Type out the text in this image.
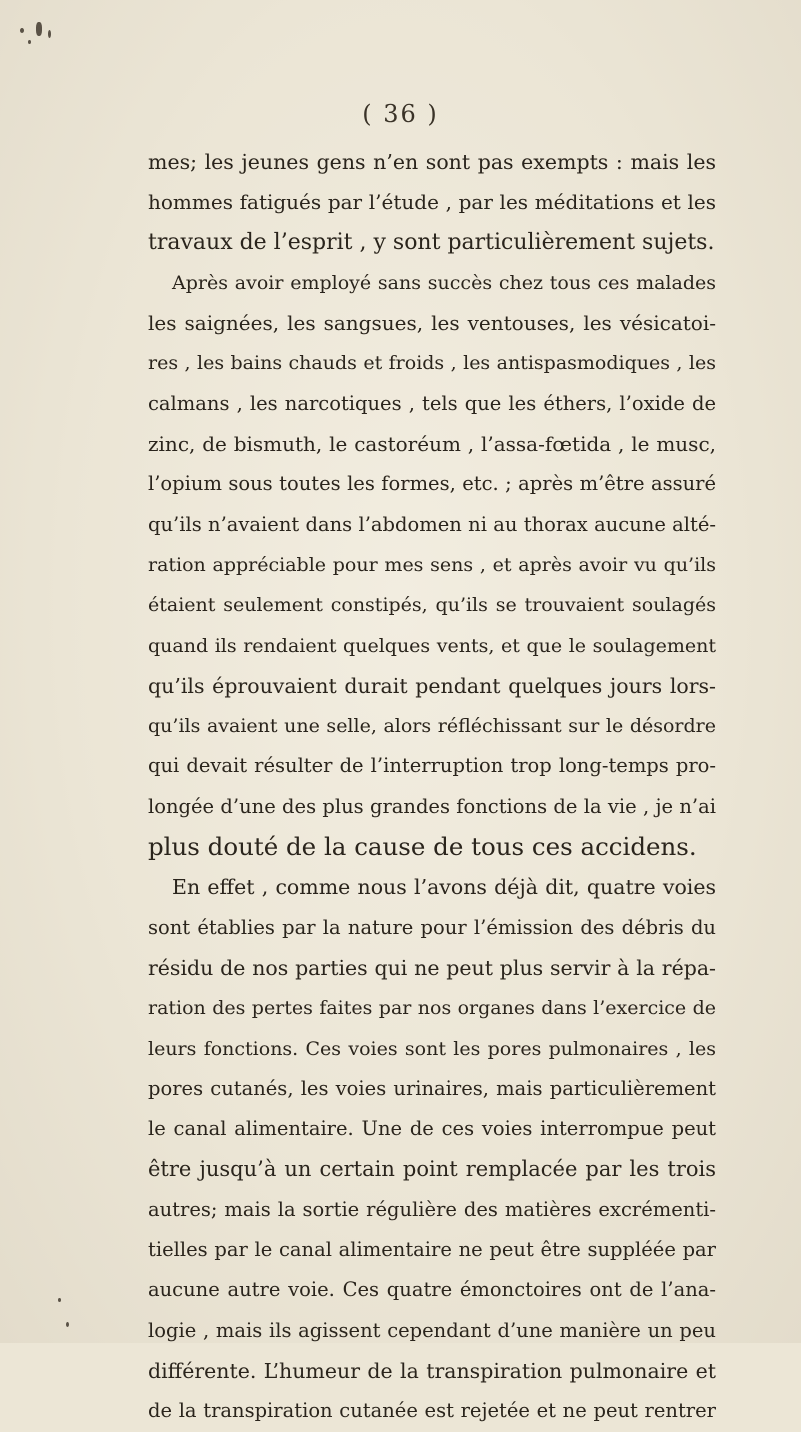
( 36 )
mes; les jeunes gens n’en sont pas exempts : mais les
hommes fatigués par l’étude , par les méditations et les
travaux de l’esprit , y sont particulièrement sujets.
Après avoir employé sans succès chez tous ces malades
les saignées, les sangsues, les ventouses, les vésicatoi-
res , les bains chauds et froids , les antispasmodiques , les
calmans , les narcotiques , tels que les éthers, l’oxide de
zinc, de bismuth, le castoréum , l’assa-fœtida , le musc,
l’opium sous toutes les formes, etc. ; après m’être assuré
qu’ils n’avaient dans l’abdomen ni au thorax aucune alté-
ration appréciable pour mes sens , et après avoir vu qu’ils
étaient seulement constipés, qu’ils se trouvaient soulagés
quand ils rendaient quelques vents, et que le soulagement
qu’ils éprouvaient durait pendant quelques jours lors-
qu’ils avaient une selle, alors réfléchissant sur le désordre
qui devait résulter de l’interruption trop long-temps pro-
longée d’une des plus grandes fonctions de la vie , je n’ai
plus douté de la cause de tous ces accidens.
En effet , comme nous l’avons déjà dit, quatre voies
sont établies par la nature pour l’émission des débris du
résidu de nos parties qui ne peut plus servir à la répa-
ration des pertes faites par nos organes dans l’exercice de
leurs fonctions. Ces voies sont les pores pulmonaires , les
pores cutanés, les voies urinaires, mais particulièrement
le canal alimentaire. Une de ces voies interrompue peut
être jusqu’à un certain point remplacée par les trois
autres; mais la sortie régulière des matières excrémenti-
tielles par le canal alimentaire ne peut être suppléée par
aucune autre voie. Ces quatre émonctoires ont de l’ana-
logie , mais ils agissent cependant d’une manière un peu
différente. L’humeur de la transpiration pulmonaire et
de la transpiration cutanée est rejetée et ne peut rentrer
